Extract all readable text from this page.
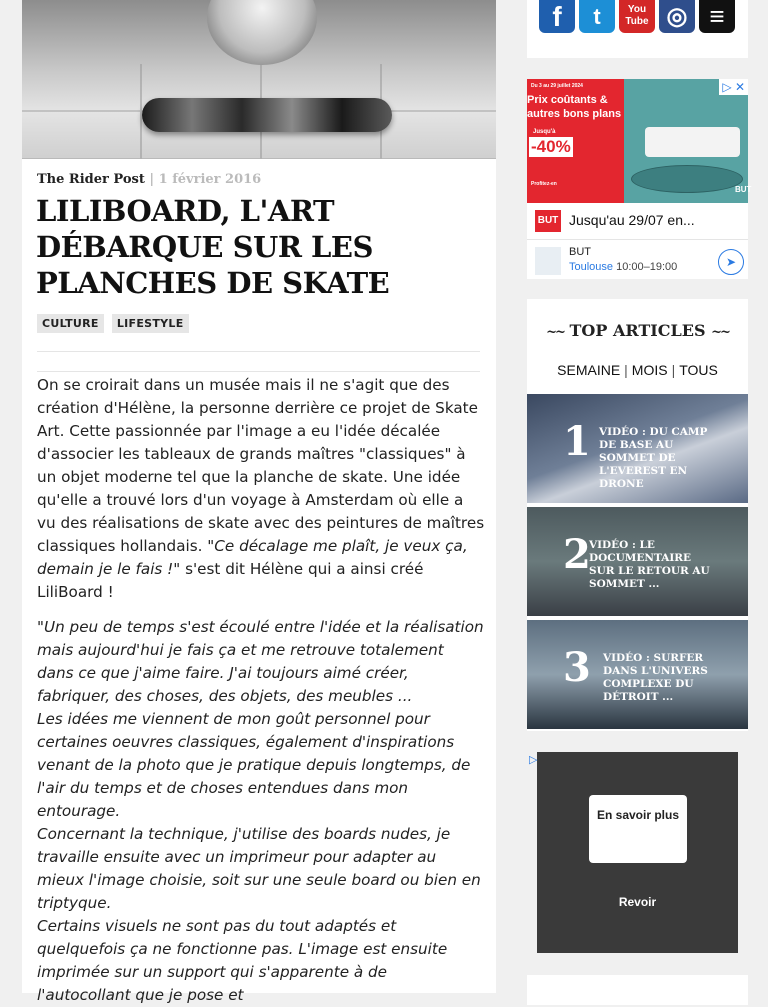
The Rider Post | 1 février 2016
LILIBOARD, L'ART DÉBARQUE SUR LES PLANCHES DE SKATE
CULTURE LIFESTYLE

On se croirait dans un musée mais il ne s'agit que des création d'Hélène, la personne derrière ce projet de Skate Art. Cette passionnée par l'image a eu l'idée décalée d'associer les tableaux de grands maîtres "classiques" à un objet moderne tel que la planche de skate. Une idée qu'elle a trouvé lors d'un voyage à Amsterdam où elle a vu des réalisations de skate avec des peintures de maîtres classiques hollandais. "Ce décalage me plaît, je veux ça, demain je le fais !" s'est dit Hélène qui a ainsi créé LiliBoard !

"Un peu de temps s'est écoulé entre l'idée et la réalisation mais aujourd'hui je fais ça et me retrouve totalement dans ce que j'aime faire. J'ai toujours aimé créer, fabriquer, des choses, des objets, des meubles ...
Les idées me viennent de mon goût personnel pour certaines oeuvres classiques, également d'inspirations venant de la photo que je pratique depuis longtemps, de l'air du temps et de choses entendues dans mon entourage.
Concernant la technique, j'utilise des boards nudes, je travaille ensuite avec un imprimeur pour adapter au mieux l'image choisie, soit sur une seule board ou bien en triptyque.
Certains visuels ne sont pas du tout adaptés et quelquefois ça ne fonctionne pas. L'image est ensuite imprimée sur un support qui s'apparente à de l'autocollant que je pose et

f	t	You Tube ◎ ≡
Du 3 au 29 juillet 2024
Prix coûtants & autres bons plans
Jusqu'à
-40%
Profitez-en
BUT
▷ ✕
BUT Jusqu'au 29/07 en...
BUT
Toulouse 10:00–19:00	➤
~~ TOP ARTICLES ~~
SEMAINE | MOIS | TOUS
1 VIDÉO : DU CAMP DE BASE AU SOMMET DE L'EVEREST EN DRONE
2
VIDÉO : LE DOCUMENTAIRE SUR LE RETOUR AU SOMMET ...
3 VIDÉO : SURFER DANS L'UNIVERS COMPLEXE DU DÉTROIT ...
En savoir plus
Revoir
▷
